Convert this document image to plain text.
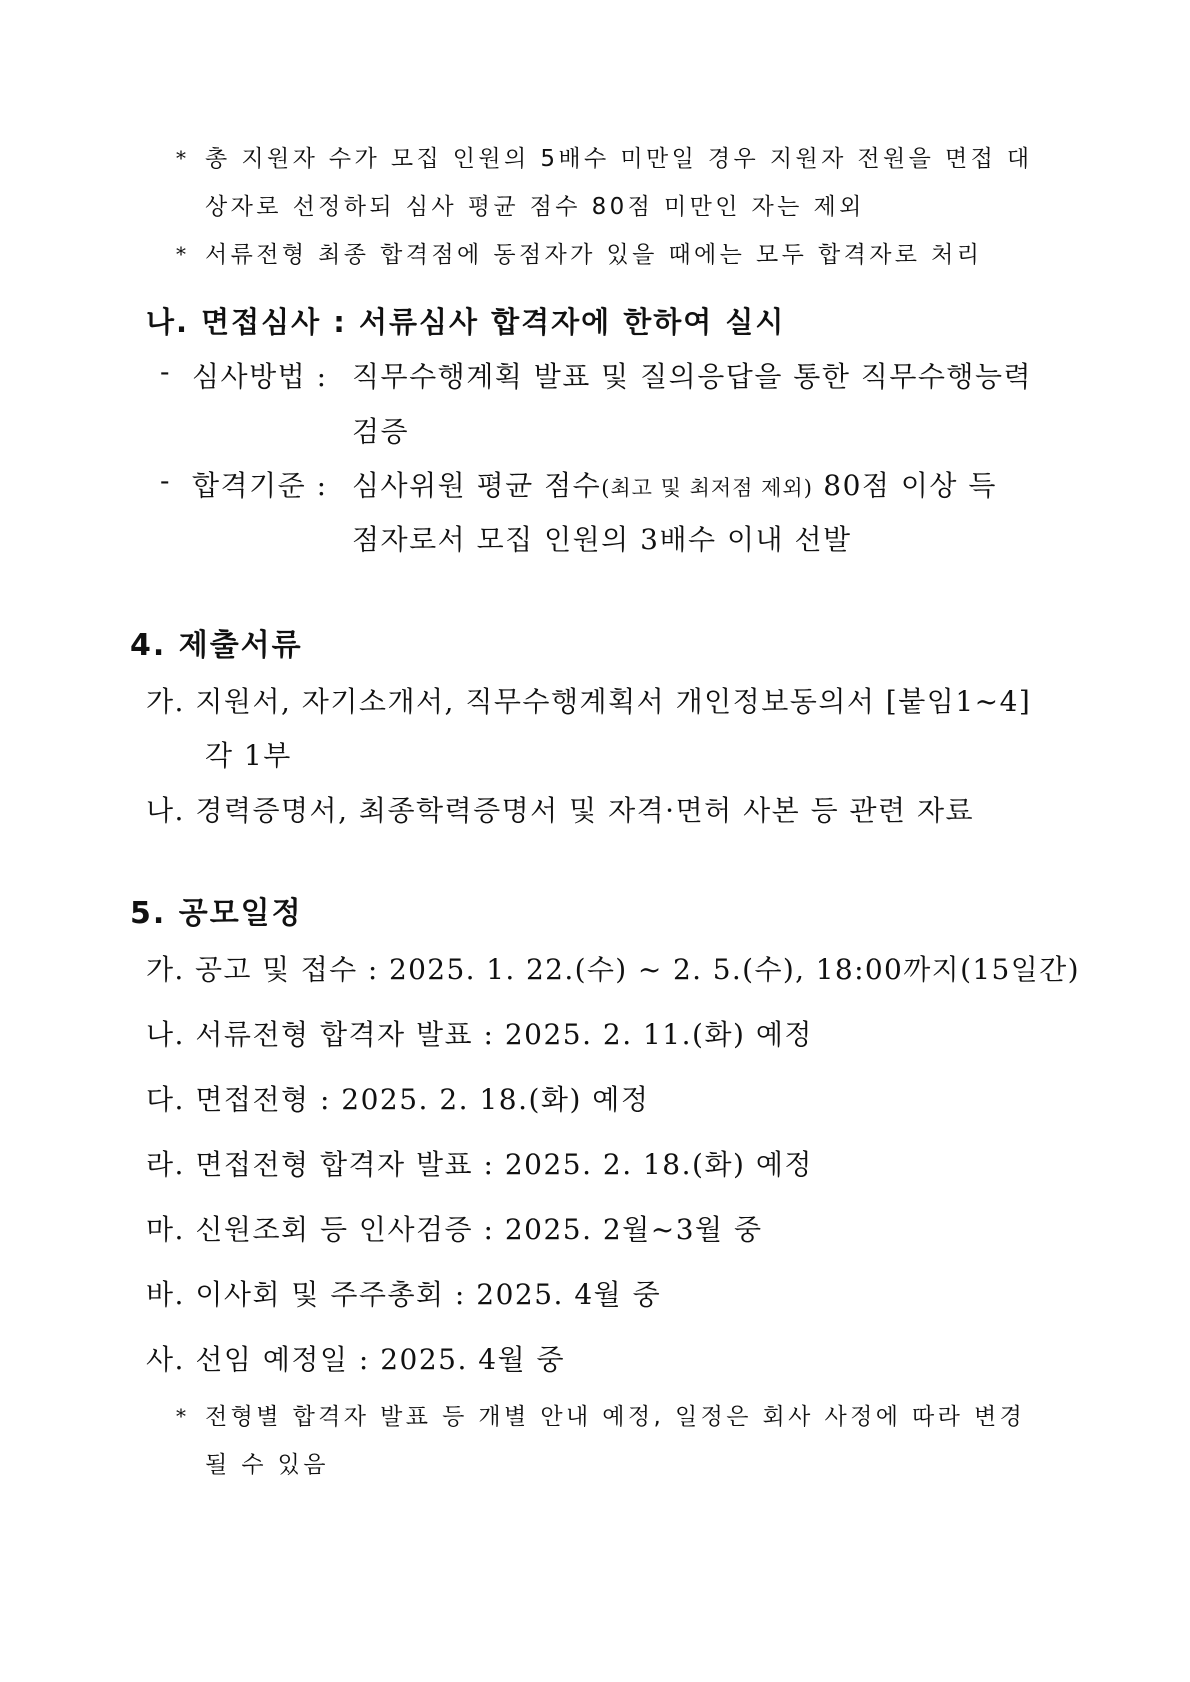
* 총 지원자 수가 모집 인원의 5배수 미만일 경우 지원자 전원을 면접 대
상자로 선정하되 심사 평균 점수 80점 미만인 자는 제외
* 서류전형 최종 합격점에 동점자가 있을 때에는 모두 합격자로 처리
나. 면접심사 : 서류심사 합격자에 한하여 실시
- 심사방법 : 직무수행계획 발표 및 질의응답을 통한 직무수행능력
검증
- 합격기준 : 심사위원 평균 점수(최고 및 최저점 제외) 80점 이상 득
점자로서 모집 인원의 3배수 이내 선발
4. 제출서류
가. 지원서, 자기소개서, 직무수행계획서 개인정보동의서 [붙임1~4]
각 1부
나. 경력증명서, 최종학력증명서 및 자격·면허 사본 등 관련 자료
5. 공모일정
가. 공고 및 접수 : 2025. 1. 22.(수) ~ 2. 5.(수), 18:00까지(15일간)
나. 서류전형 합격자 발표 : 2025. 2. 11.(화) 예정
다. 면접전형 : 2025. 2. 18.(화) 예정
라. 면접전형 합격자 발표 : 2025. 2. 18.(화) 예정
마. 신원조회 등 인사검증 : 2025. 2월~3월 중
바. 이사회 및 주주총회 : 2025. 4월 중
사. 선임 예정일 : 2025. 4월 중
* 전형별 합격자 발표 등 개별 안내 예정, 일정은 회사 사정에 따라 변경
될 수 있음
